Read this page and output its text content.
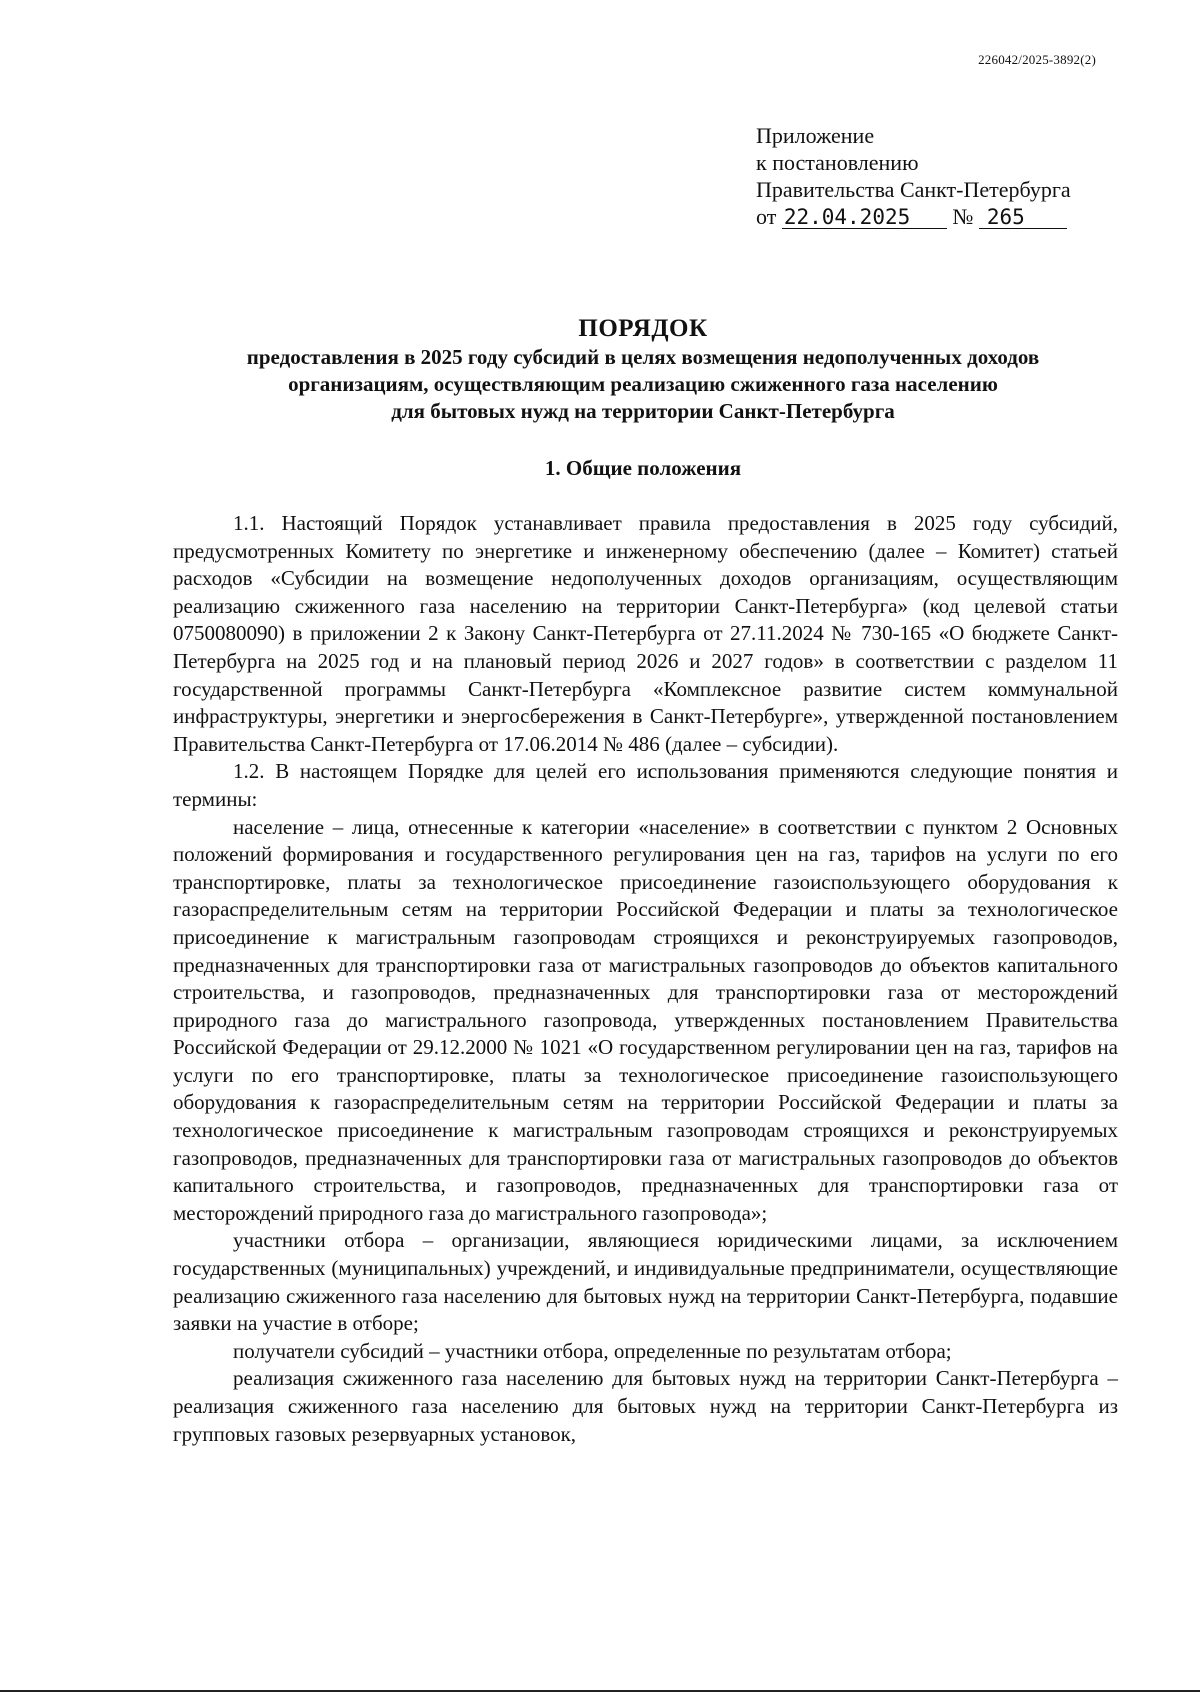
226042/2025-3892(2)
Приложение
к постановлению
Правительства Санкт-Петербурга
от 22.04.2025 № 265
ПОРЯДОК
предоставления в 2025 году субсидий в целях возмещения недополученных доходов
организациям, осуществляющим реализацию сжиженного газа населению
для бытовых нужд на территории Санкт-Петербурга
1. Общие положения

1.1. Настоящий Порядок устанавливает правила предоставления в 2025 году субсидий, предусмотренных Комитету по энергетике и инженерному обеспечению (далее – Комитет) статьей расходов «Субсидии на возмещение недополученных доходов организациям, осуществляющим реализацию сжиженного газа населению на территории Санкт-Петербурга» (код целевой статьи 0750080090) в приложении 2 к Закону Санкт-Петербурга от 27.11.2024 № 730-165 «О бюджете Санкт-Петербурга на 2025 год и на плановый период 2026 и 2027 годов» в соответствии с разделом 11 государственной программы Санкт-Петербурга «Комплексное развитие систем коммунальной инфраструктуры, энергетики и энергосбережения в Санкт-Петербурге», утвержденной постановлением Правительства Санкт-Петербурга от 17.06.2014 № 486 (далее – субсидии).

1.2. В настоящем Порядке для целей его использования применяются следующие понятия и термины:

население – лица, отнесенные к категории «население» в соответствии с пунктом 2 Основных положений формирования и государственного регулирования цен на газ, тарифов на услуги по его транспортировке, платы за технологическое присоединение газоиспользующего оборудования к газораспределительным сетям на территории Российской Федерации и платы за технологическое присоединение к магистральным газопроводам строящихся и реконструируемых газопроводов, предназначенных для транспортировки газа от магистральных газопроводов до объектов капитального строительства, и газопроводов, предназначенных для транспортировки газа от месторождений природного газа до магистрального газопровода, утвержденных постановлением Правительства Российской Федерации от 29.12.2000 № 1021 «О государственном регулировании цен на газ, тарифов на услуги по его транспортировке, платы за технологическое присоединение газоиспользующего оборудования к газораспределительным сетям на территории Российской Федерации и платы за технологическое присоединение к магистральным газопроводам строящихся и реконструируемых газопроводов, предназначенных для транспортировки газа от магистральных газопроводов до объектов капитального строительства, и газопроводов, предназначенных для транспортировки газа от месторождений природного газа до магистрального газопровода»;

участники отбора – организации, являющиеся юридическими лицами, за исключением государственных (муниципальных) учреждений, и индивидуальные предприниматели, осуществляющие реализацию сжиженного газа населению для бытовых нужд на территории Санкт-Петербурга, подавшие заявки на участие в отборе;

получатели субсидий – участники отбора, определенные по результатам отбора;

реализация сжиженного газа населению для бытовых нужд на территории Санкт-Петербурга – реализация сжиженного газа населению для бытовых нужд на территории Санкт-Петербурга из групповых газовых резервуарных установок,
